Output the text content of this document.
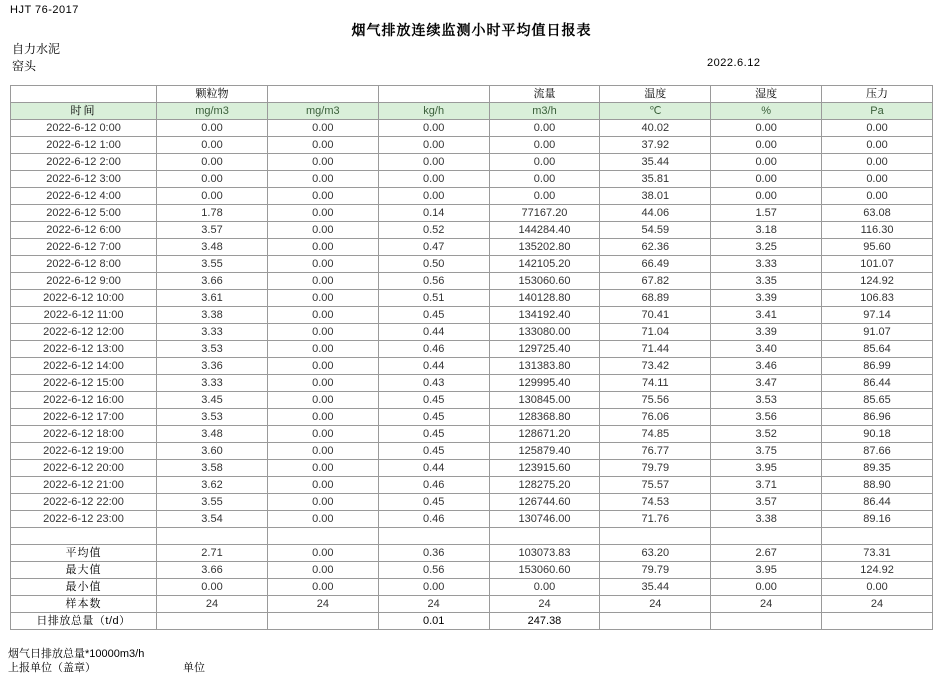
HJT 76-2017
烟气排放连续监测小时平均值日报表
自力水泥
窑头	2022.6.12
	颗粒物			流量	温度	湿度	压力
时间	mg/m3	mg/m3	kg/h	m3/h	℃	%	Pa
2022-6-12 0:00	0.00	0.00	0.00	0.00	40.02	0.00	0.00
2022-6-12 1:00	0.00	0.00	0.00	0.00	37.92	0.00	0.00
2022-6-12 2:00	0.00	0.00	0.00	0.00	35.44	0.00	0.00
2022-6-12 3:00	0.00	0.00	0.00	0.00	35.81	0.00	0.00
2022-6-12 4:00	0.00	0.00	0.00	0.00	38.01	0.00	0.00
2022-6-12 5:00	1.78	0.00	0.14	77167.20	44.06	1.57	63.08
2022-6-12 6:00	3.57	0.00	0.52	144284.40	54.59	3.18	116.30
2022-6-12 7:00	3.48	0.00	0.47	135202.80	62.36	3.25	95.60
2022-6-12 8:00	3.55	0.00	0.50	142105.20	66.49	3.33	101.07
2022-6-12 9:00	3.66	0.00	0.56	153060.60	67.82	3.35	124.92
2022-6-12 10:00	3.61	0.00	0.51	140128.80	68.89	3.39	106.83
2022-6-12 11:00	3.38	0.00	0.45	134192.40	70.41	3.41	97.14
2022-6-12 12:00	3.33	0.00	0.44	133080.00	71.04	3.39	91.07
2022-6-12 13:00	3.53	0.00	0.46	129725.40	71.44	3.40	85.64
2022-6-12 14:00	3.36	0.00	0.44	131383.80	73.42	3.46	86.99
2022-6-12 15:00	3.33	0.00	0.43	129995.40	74.11	3.47	86.44
2022-6-12 16:00	3.45	0.00	0.45	130845.00	75.56	3.53	85.65
2022-6-12 17:00	3.53	0.00	0.45	128368.80	76.06	3.56	86.96
2022-6-12 18:00	3.48	0.00	0.45	128671.20	74.85	3.52	90.18
2022-6-12 19:00	3.60	0.00	0.45	125879.40	76.77	3.75	87.66
2022-6-12 20:00	3.58	0.00	0.44	123915.60	79.79	3.95	89.35
2022-6-12 21:00	3.62	0.00	0.46	128275.20	75.57	3.71	88.90
2022-6-12 22:00	3.55	0.00	0.45	126744.60	74.53	3.57	86.44
2022-6-12 23:00	3.54	0.00	0.46	130746.00	71.76	3.38	89.16

平均值	2.71	0.00	0.36	103073.83	63.20	2.67	73.31
最大值	3.66	0.00	0.56	153060.60	79.79	3.95	124.92
最小值	0.00	0.00	0.00	0.00	35.44	0.00	0.00
样本数	24	24	24	24	24	24	24
日排放总量（t/d）			0.01	247.38			
烟气日排放总量*10000m3/h
上报单位（盖章）	单位
